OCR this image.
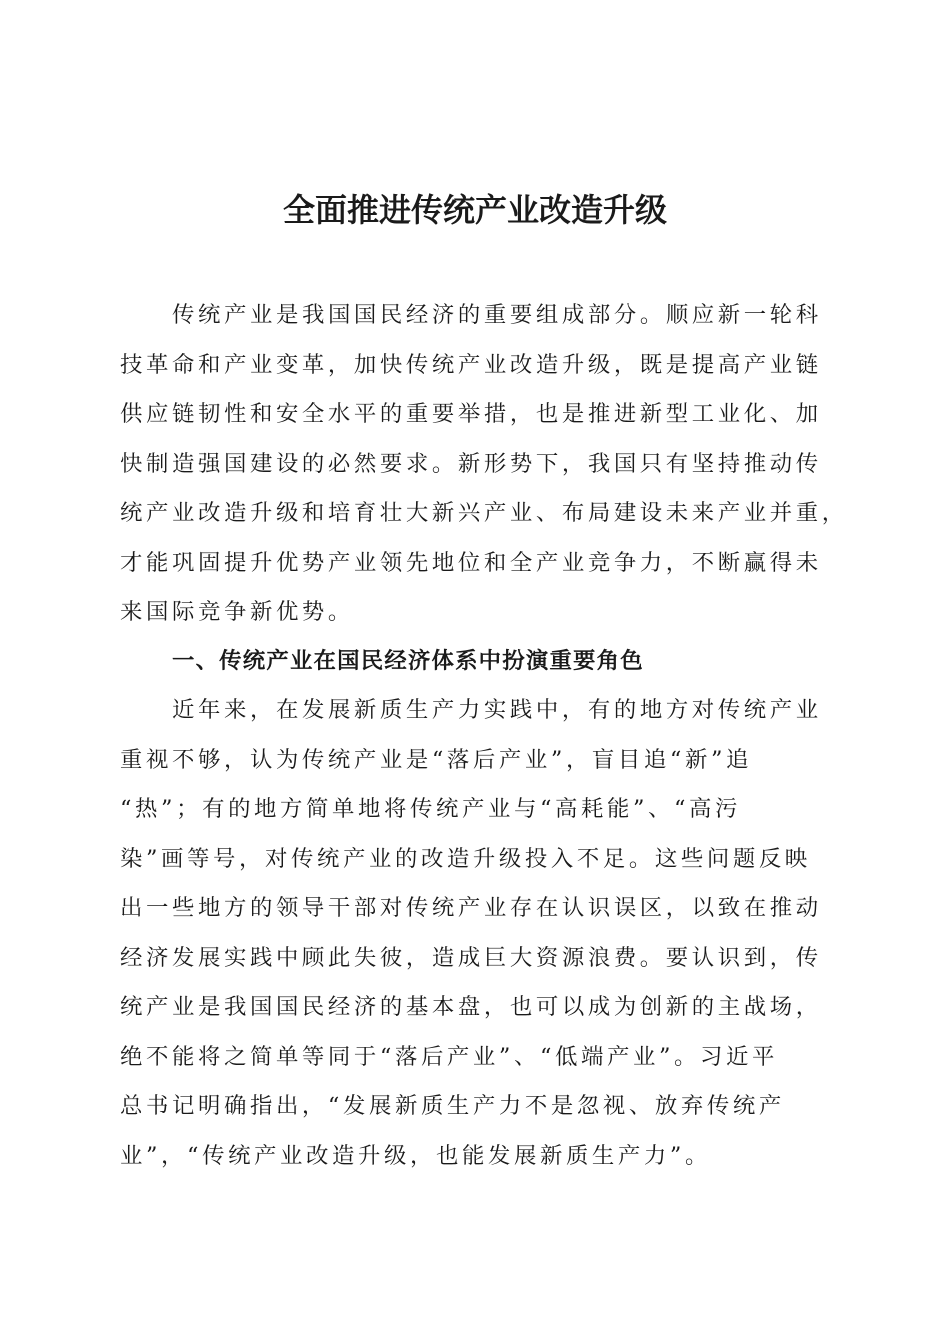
全面推进传统产业改造升级
传统产业是我国国民经济的重要组成部分。顺应新一轮科
技革命和产业变革，加快传统产业改造升级，既是提高产业链
供应链韧性和安全水平的重要举措，也是推进新型工业化、加
快制造强国建设的必然要求。新形势下，我国只有坚持推动传
统产业改造升级和培育壮大新兴产业、布局建设未来产业并重，
才能巩固提升优势产业领先地位和全产业竞争力，不断赢得未
来国际竞争新优势。
一、传统产业在国民经济体系中扮演重要角色
近年来，在发展新质生产力实践中，有的地方对传统产业
重视不够，认为传统产业是“落后产业”，盲目追“新”追
“热”；有的地方简单地将传统产业与“高耗能”、“高污
染”画等号，对传统产业的改造升级投入不足。这些问题反映
出一些地方的领导干部对传统产业存在认识误区，以致在推动
经济发展实践中顾此失彼，造成巨大资源浪费。要认识到，传
统产业是我国国民经济的基本盘，也可以成为创新的主战场，
绝不能将之简单等同于“落后产业”、“低端产业”。习近平
总书记明确指出，“发展新质生产力不是忽视、放弃传统产
业”，“传统产业改造升级，也能发展新质生产力”。
